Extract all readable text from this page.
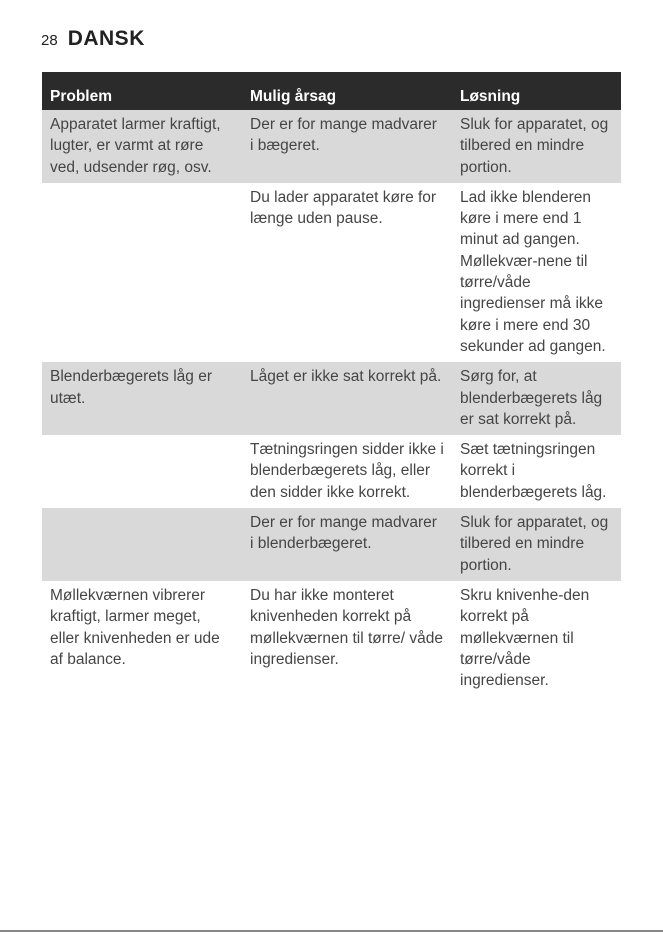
28 DANSK
Problem	Mulig årsag	Løsning
Apparatet larmer kraftigt, lugter, er varmt at røre ved, udsender røg, osv.	Der er for mange madvarer i bægeret.	Sluk for apparatet, og tilbered en mindre portion.
	Du lader apparatet køre for længe uden pause.	Lad ikke blenderen køre i mere end 1 minut ad gangen. Møllekvær-nene til tørre/våde ingredienser må ikke køre i mere end 30 sekunder ad gangen.
Blenderbægerets låg er utæt.	Låget er ikke sat korrekt på.	Sørg for, at blenderbægerets låg er sat korrekt på.
	Tætningsringen sidder ikke i blenderbægerets låg, eller den sidder ikke korrekt.	Sæt tætningsringen korrekt i blenderbægerets låg.
	Der er for mange madvarer i blenderbægeret.	Sluk for apparatet, og tilbered en mindre portion.
Møllekværnen vibrerer kraftigt, larmer meget, eller knivenheden er ude af balance.	Du har ikke monteret knivenheden korrekt på møllekværnen til tørre/ våde ingredienser.	Skru knivenhe-den korrekt på møllekværnen til tørre/våde ingredienser.
